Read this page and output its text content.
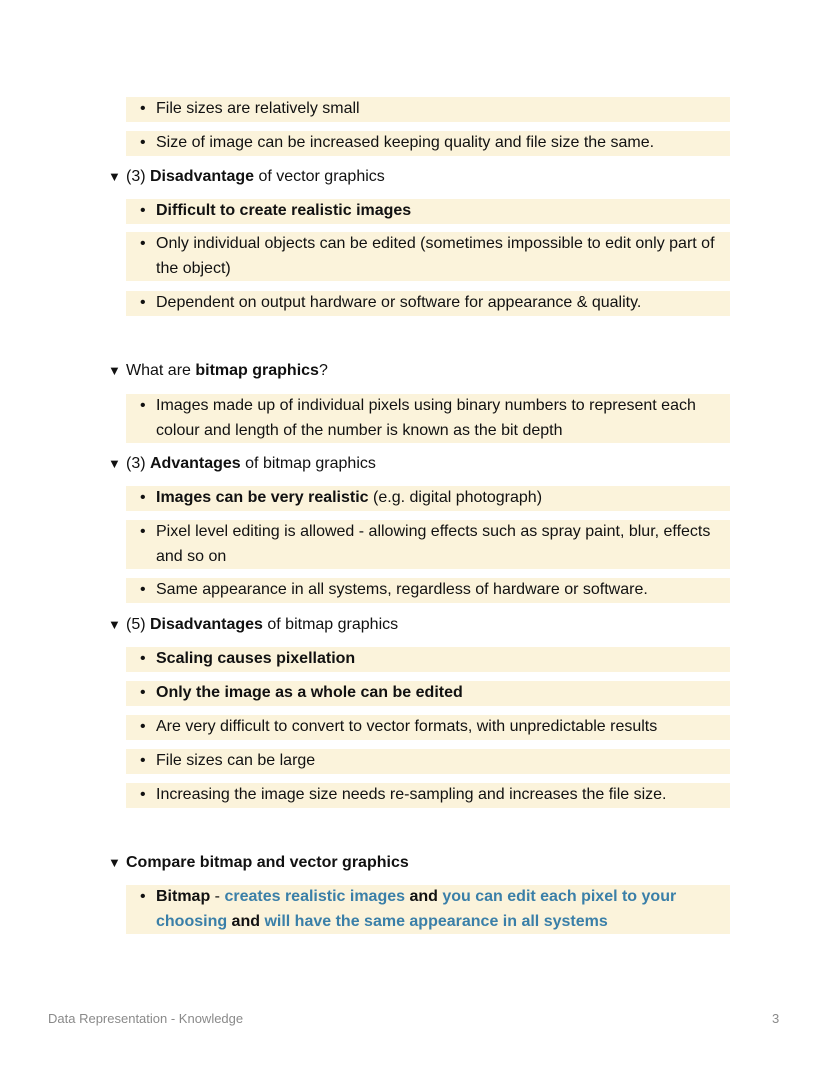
• File sizes are relatively small
• Size of image can be increased keeping quality and file size the same.
▼ (3) Disadvantage of vector graphics
• Difficult to create realistic images
• Only individual objects can be edited (sometimes impossible to edit only part of the object)
• Dependent on output hardware or software for appearance & quality.
▼ What are bitmap graphics?
• Images made up of individual pixels using binary numbers to represent each colour and length of the number is known as the bit depth
▼ (3) Advantages of bitmap graphics
• Images can be very realistic (e.g. digital photograph)
• Pixel level editing is allowed - allowing effects such as spray paint, blur, effects and so on
• Same appearance in all systems, regardless of hardware or software.
▼ (5) Disadvantages of bitmap graphics
• Scaling causes pixellation
• Only the image as a whole can be edited
• Are very difficult to convert to vector formats, with unpredictable results
• File sizes can be large
• Increasing the image size needs re-sampling and increases the file size.
▼ Compare bitmap and vector graphics
• Bitmap - creates realistic images and you can edit each pixel to your choosing and will have the same appearance in all systems
Data Representation - Knowledge	3
